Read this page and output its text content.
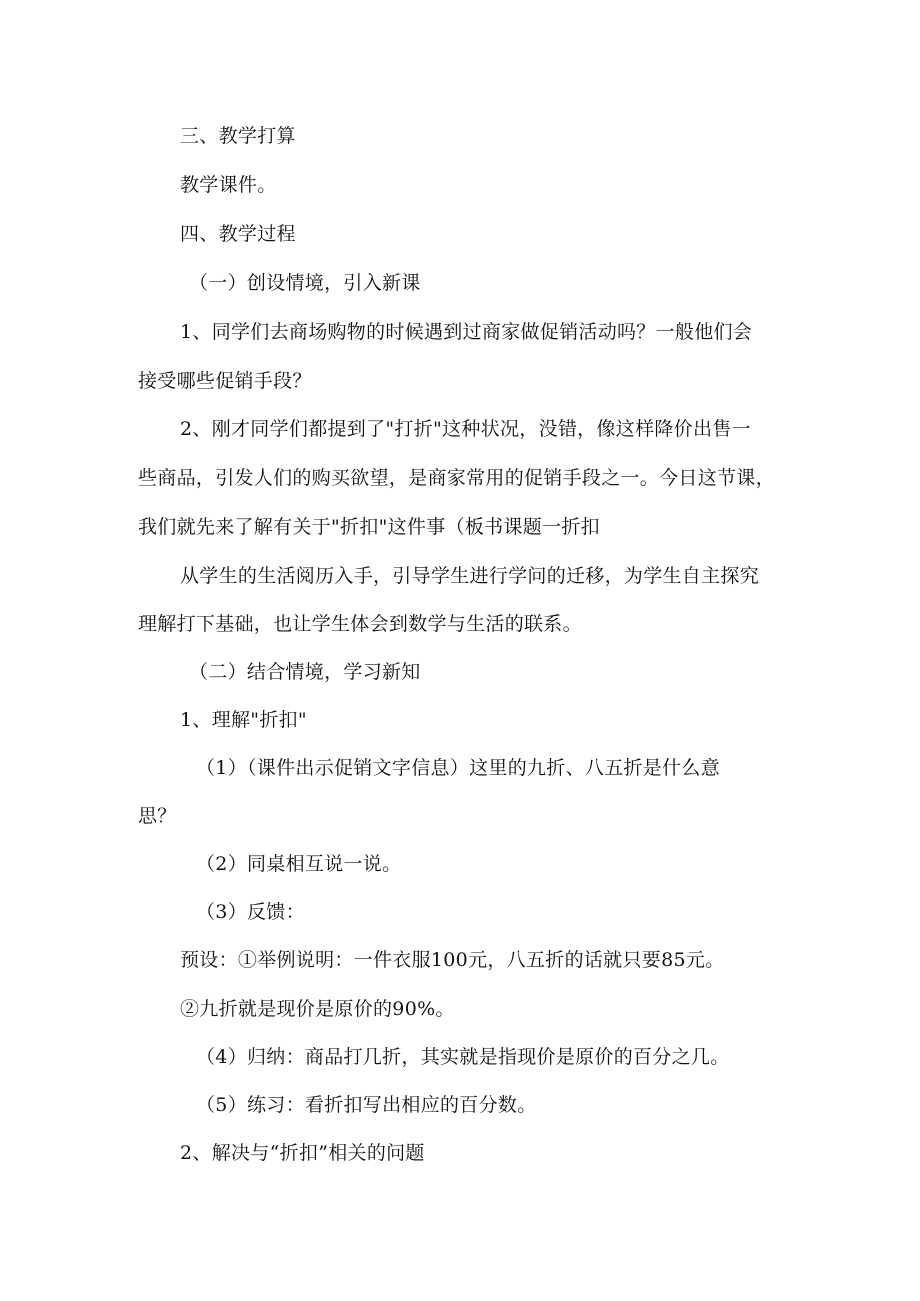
三、教学打算
教学课件。
四、教学过程
（一）创设情境，引入新课
1、同学们去商场购物的时候遇到过商家做促销活动吗？一般他们会
接受哪些促销手段？
2、刚才同学们都提到了"打折"这种状况，没错，像这样降价出售一
些商品，引发人们的购买欲望，是商家常用的促销手段之一。今日这节课，
我们就先来了解有关于"折扣"这件事（板书课题一折扣
从学生的生活阅历入手，引导学生进行学问的迁移，为学生自主探究
理解打下基础，也让学生体会到数学与生活的联系。
（二）结合情境，学习新知
1、理解"折扣"
（1）（课件出示促销文字信息）这里的九折、八五折是什么意
思？
（2）同桌相互说一说。
（3）反馈：
预设：①举例说明：一件衣服100元，八五折的话就只要85元。
②九折就是现价是原价的90%。
（4）归纳：商品打几折，其实就是指现价是原价的百分之几。
（5）练习：看折扣写出相应的百分数。
2、解决与“折扣”相关的问题
